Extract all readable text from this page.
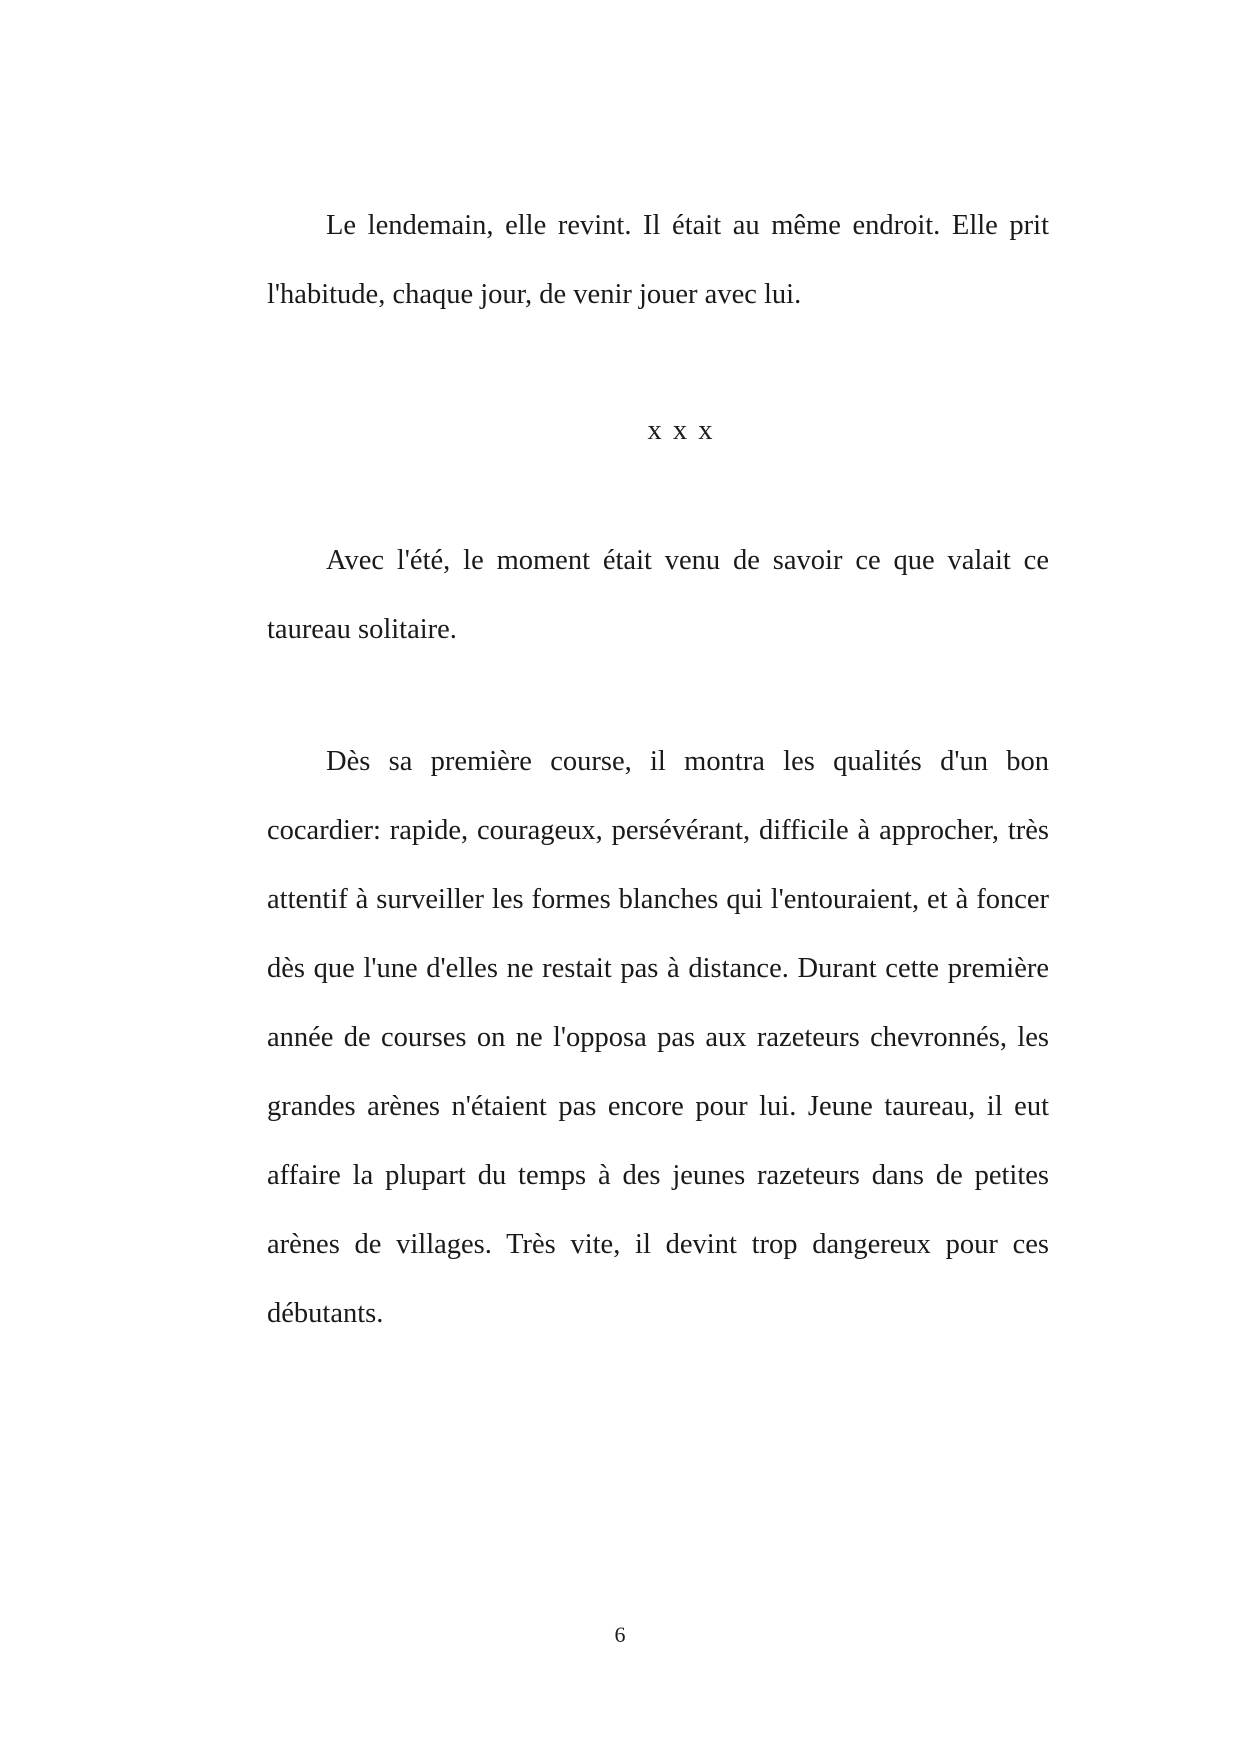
Le lendemain, elle revint. Il était au même endroit. Elle prit l'habitude, chaque jour, de venir jouer avec lui.

x x x

Avec l'été, le moment était venu de savoir ce que valait ce taureau solitaire.

Dès sa première course, il montra les qualités d'un bon cocardier: rapide, courageux, persévérant, difficile à approcher, très attentif à surveiller les formes blanches qui l'entouraient, et à foncer dès que l'une d'elles ne restait pas à distance. Durant cette première année de courses on ne l'opposa pas aux razeteurs chevronnés, les grandes arènes n'étaient pas encore pour lui. Jeune taureau, il eut affaire la plupart du temps à des jeunes razeteurs dans de petites arènes de villages. Très vite, il devint trop dangereux pour ces débutants.

6
